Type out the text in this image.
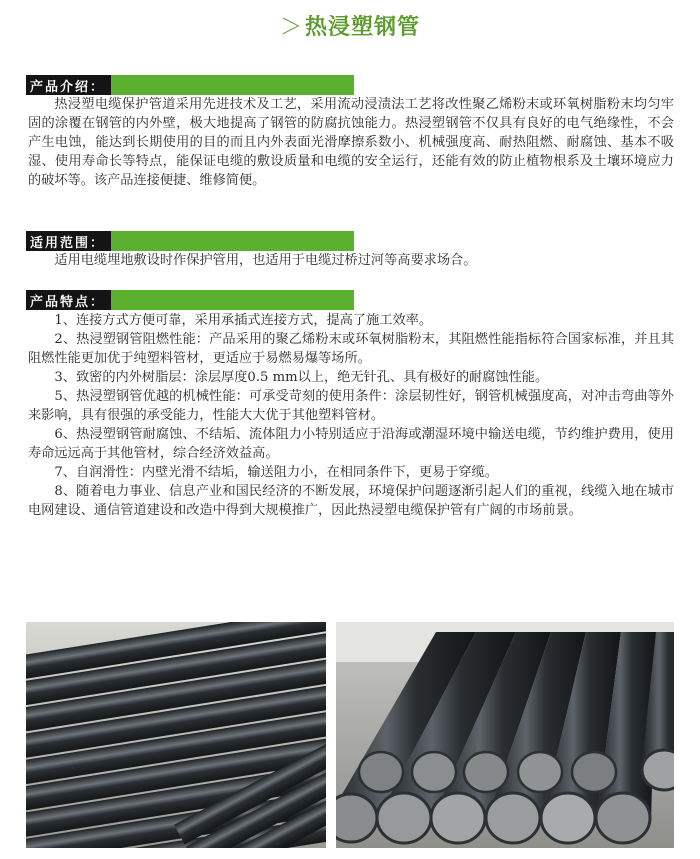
＞热浸塑钢管
产品介绍：

热浸塑电缆保护管道采用先进技术及工艺，采用流动浸渍法工艺将改性聚乙烯粉末或环氧树脂粉末均匀牢固的涂覆在钢管的内外壁，极大地提高了钢管的防腐抗蚀能力。热浸塑钢管不仅具有良好的电气绝缘性，不会产生电蚀，能达到长期使用的目的而且内外表面光滑摩擦系数小、机械强度高、耐热阻燃、耐腐蚀、基本不吸湿、使用寿命长等特点，能保证电缆的敷设质量和电缆的安全运行，还能有效的防止植物根系及土壤环境应力的破坏等。该产品连接便捷、维修简便。

适用范围：

适用电缆埋地敷设时作保护管用，也适用于电缆过桥过河等高要求场合。

产品特点：

1、连接方式方便可靠，采用承插式连接方式，提高了施工效率。

2、热浸塑钢管阻燃性能：产品采用的聚乙烯粉末或环氧树脂粉末，其阻燃性能指标符合国家标准，并且其阻燃性能更加优于纯塑料管材，更适应于易燃易爆等场所。

3、致密的内外树脂层：涂层厚度0.5 mm以上，绝无针孔、具有极好的耐腐蚀性能。

5、热浸塑钢管优越的机械性能：可承受苛刻的使用条件：涂层韧性好，钢管机械强度高，对冲击弯曲等外来影响，具有很强的承受能力，性能大大优于其他塑料管材。

6、热浸塑钢管耐腐蚀、不结垢、流体阻力小特别适应于沿海或潮湿环境中输送电缆，节约维护费用，使用寿命远远高于其他管材，综合经济效益高。

7、自润滑性：内壁光滑不结垢，输送阻力小，在相同条件下，更易于穿缆。

8、随着电力事业、信息产业和国民经济的不断发展，环境保护问题逐渐引起人们的重视，线缆入地在城市电网建设、通信管道建设和改造中得到大规模推广，因此热浸塑电缆保护管有广阔的市场前景。
